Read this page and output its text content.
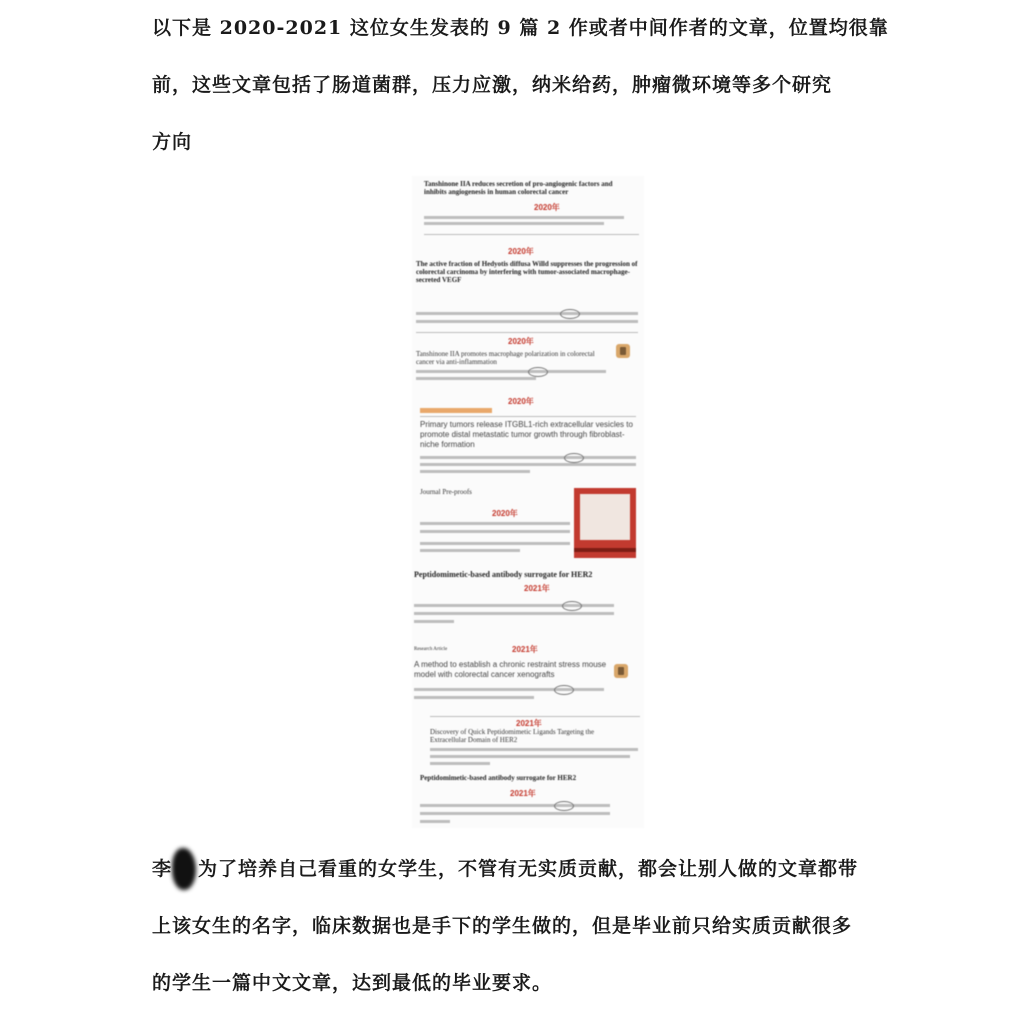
以下是 2020-2021 这位女生发表的 9 篇 2 作或者中间作者的文章，位置均很靠

前，这些文章包括了肠道菌群，压力应激，纳米给药，肿瘤微环境等多个研究

方向

Tanshinone IIA reduces secretion of pro-angiogenic factors and inhibits angiogenesis in human colorectal cancer
2020年
2020年
The active fraction of Hedyotis diffusa Willd suppresses the progression of colorectal carcinoma by interfering with tumor-associated macrophage-secreted VEGF
2020年
Tanshinone IIA promotes macrophage polarization in colorectal cancer via anti-inflammation
2020年
Primary tumors release ITGBL1-rich extracellular vesicles to promote distal metastatic tumor growth through fibroblast-niche formation
Journal Pre-proofs
2020年
Peptidomimetic-based antibody surrogate for HER2
2021年
Research Article	2021年
A method to establish a chronic restraint stress mouse model with colorectal cancer xenografts
2021年
Discovery of Quick Peptidomimetic Ligands Targeting the Extracellular Domain of HER2
Peptidomimetic-based antibody surrogate for HER2
2021年

李 为了培养自己看重的女学生，不管有无实质贡献，都会让别人做的文章都带

上该女生的名字，临床数据也是手下的学生做的，但是毕业前只给实质贡献很多

的学生一篇中文文章，达到最低的毕业要求。
